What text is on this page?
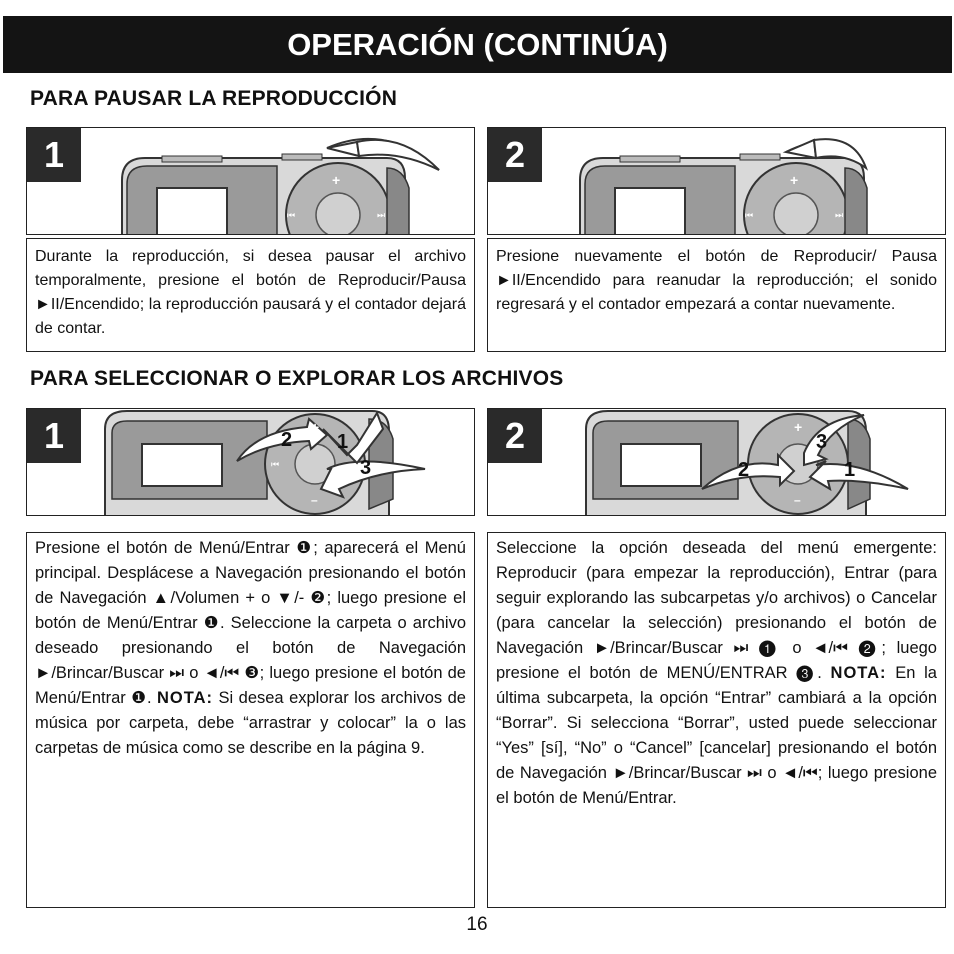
OPERACIÓN (CONTINÚA)
PARA PAUSAR LA REPRODUCCIÓN
+
⏮	⏭
1

Durante la reproducción, si desea pausar el archivo temporalmente, presione el botón de Reproducir/Pausa ►II/Encendido; la reproducción pausará y el contador dejará de contar.

+
⏮	⏭
2

Presione nuevamente el botón de Reproducir/ Pausa ►II/Encendido para reanudar la reproducción; el sonido regresará y el contador empezará a contar nuevamente.

PARA SELECCIONAR O EXPLORAR LOS ARCHIVOS
2 1
3
+
–
⏮
1

Presione el botón de Menú/Entrar ❶; aparecerá el Menú principal. Desplácese a Navegación presionando el botón de Navegación ▲/Volumen + o ▼/- ❷; luego presione el botón de Menú/Entrar ❶. Seleccione la carpeta o archivo deseado presionando el botón de Navegación ►/Brincar/Buscar ⏭ o ◄/⏮ ❸; luego presione el botón de Menú/Entrar ❶. NOTA: Si desea explorar los archivos de música por carpeta, debe “arrastrar y colocar” la o las carpetas de música como se describe en la página 9.

3
2	1
+
–
2

Seleccione la opción deseada del menú emergente: Reproducir (para empezar la reproducción), Entrar (para seguir explorando las subcarpetas y/o archivos) o Cancelar (para cancelar la selección) presionando el botón de Navegación ►/Brincar/Buscar ⏭ ❶ o ◄/⏮ ❷; luego presione el botón de MENÚ/ENTRAR ❸. NOTA: En la última subcarpeta, la opción “Entrar” cambiará a la opción “Borrar”. Si selecciona “Borrar”, usted puede seleccionar “Yes” [sí], “No” o “Cancel” [cancelar] presionando el botón de Navegación ►/Brincar/Buscar ⏭ o ◄/⏮; luego presione el botón de Menú/Entrar.

16
